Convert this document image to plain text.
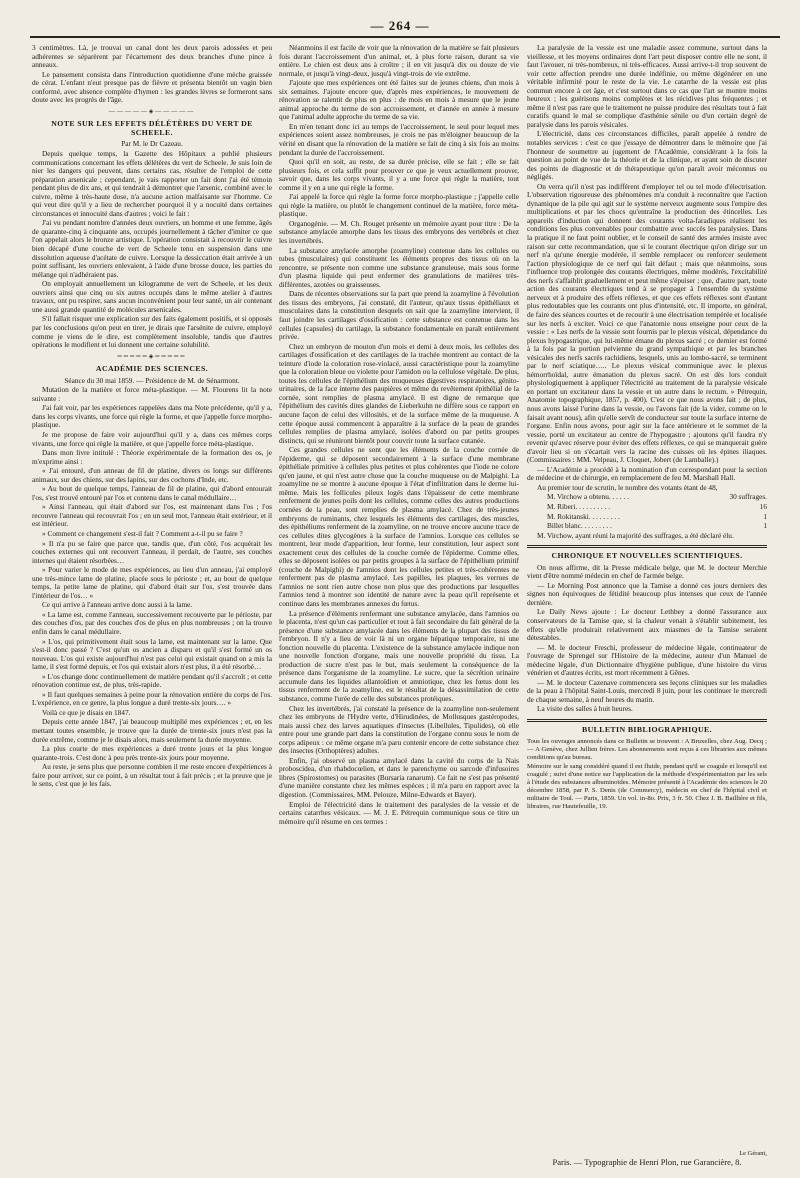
— 264 —

3 centimètres. Là, je trouvai un canal dont les deux parois adossées et peu adhérentes se séparèrent par l'écartement des deux branches d'une pince à anneaux.

Le pansement consista dans l'introduction quotidienne d'une mèche graissée de cérat. L'enfant n'eut presque pas de fièvre et présenta bientôt un vagin bien conformé, avec absence complète d'hymen : les grandes lèvres se formeront sans doute avec les progrès de l'âge.

—————◈—————
NOTE SUR LES EFFETS DÉLÉTÈRES DU VERT DE SCHEELE.

Par M. le Dr Cazeau.

Depuis quelque temps, la Gazette des Hôpitaux a publié plusieurs communications concernant les effets délétères du vert de Scheele. Je suis loin de nier les dangers qui peuvent, dans certains cas, résulter de l'emploi de cette préparation arsenicale ; cependant, je vais rapporter un fait dont j'ai été témoin pendant plus de dix ans, et qui tendrait à démontrer que l'arsenic, combiné avec le cuivre, même à très-haute dose, n'a aucune action malfaisante sur l'homme. Ce qui veut dire qu'il y a lieu de rechercher pourquoi il y a nocuité dans certaines circonstances et innocuité dans d'autres ; voici le fait :

J'ai vu pendant nombre d'années deux ouvriers, un homme et une femme, âgés de quarante-cinq à cinquante ans, occupés journellement à tâcher d'imiter ce que l'on appelait alors le bronze artistique. L'opération consistait à recouvrir le cuivre bien décapé d'une couche de vert de Scheele tenu en suspension dans une dissolution aqueuse d'acétate de cuivre. Lorsque la dessiccation était arrivée à un point suffisant, les ouvriers enlevaient, à l'aide d'une brosse douce, les parties du mélange qui n'adhéraient pas.

On employait annuellement un kilogramme de vert de Scheele, et les deux ouvriers ainsi que cinq ou six autres occupés dans le même atelier à d'autres travaux, ont pu respirer, sans aucun inconvénient pour leur santé, un air contenant une aussi grande quantité de molécules arsenicales.

S'il fallait risquer une explication sur des faits également positifs, et si opposés par les conclusions qu'on peut en tirer, je dirais que l'arsénite de cuivre, employé comme je viens de le dire, est complètement insoluble, tandis que d'autres opérations le modifient et lui donnent une certaine solubilité.

═════◈═════
ACADÉMIE DES SCIENCES.

Séance du 30 mai 1859. — Présidence de M. de Sénarmont.

Mutation de la matière et force méta-plastique. — M. Flourens lit la note suivante :

J'ai fait voir, par les expériences rappelées dans ma Note précédente, qu'il y a, dans les corps vivants, une force qui règle la forme, et que j'appelle force morpho-plastique.

Je me propose de faire voir aujourd'hui qu'il y a, dans ces mêmes corps vivants, une force qui règle la matière, et que j'appelle force méta-plastique.

Dans mon livre intitulé : Théorie expérimentale de la formation des os, je m'exprime ainsi :

« J'ai entouré, d'un anneau de fil de platine, divers os longs sur différents animaux, sur des chiens, sur des lapins, sur des cochons d'Inde, etc.

» Au bout de quelque temps, l'anneau de fil de platine, qui d'abord entourait l'os, s'est trouvé entouré par l'os et contenu dans le canal médullaire…

» Ainsi l'anneau, qui était d'abord sur l'os, est maintenant dans l'os ; l'os recouvre l'anneau qui recouvrait l'os ; en un seul mot, l'anneau était extérieur, et il est intérieur.

» Comment ce changement s'est-il fait ? Comment a-t-il pu se faire ?

» Il n'a pu se faire que parce que, tandis que, d'un côté, l'os acquérait les couches externes qui ont recouvert l'anneau, il perdait, de l'autre, ses couches internes qui étaient résorbées…

» Pour varier le mode de mes expériences, au lieu d'un anneau, j'ai employé une très-mince lame de platine, placée sous le périoste ; et, au bout de quelque temps, la petite lame de platine, qui d'abord était sur l'os, s'est trouvée dans l'intérieur de l'os… »

Ce qui arrive à l'anneau arrive donc aussi à la lame.

« La lame est, comme l'anneau, successivement recouverte par le périoste, par des couches d'os, par des couches d'os de plus en plus nombreuses ; on la trouve enfin dans le canal médullaire.

» L'os, qui primitivement était sous la lame, est maintenant sur la lame. Que s'est-il donc passé ? C'est qu'un os ancien a disparu et qu'il s'est formé un os nouveau. L'os qui existe aujourd'hui n'est pas celui qui existait quand on a mis la lame, il s'est formé depuis, et l'os qui existait alors n'est plus, il a été résorbé…

» L'os change donc continuellement de matière pendant qu'il s'accroît ; et cette rénovation continue est, de plus, très-rapide.

» Il faut quelques semaines à peine pour la rénovation entière du corps de l'os. L'expérience, en ce genre, la plus longue a duré trente-six jours…. »

Voilà ce que je disais en 1847.

Depuis cette année 1847, j'ai beaucoup multiplié mes expériences ; et, en les mettant toutes ensemble, je trouve que la durée de trente-six jours n'est pas la durée extrême, comme je le disais alors, mais seulement la durée moyenne.

La plus courte de mes expériences a duré trente jours et la plus longue quarante-trois. C'est donc à peu près trente-six jours pour moyenne.

Au reste, je sens plus que personne combien il me reste encore d'expériences à faire pour arriver, sur ce point, à un résultat tout à fait précis ; et la preuve que je le sens, c'est que je les fais.

Néanmoins il est facile de voir que la rénovation de la matière se fait plusieurs fois durant l'accroissement d'un animal, et, à plus forte raison, durant sa vie entière. Le chien est deux ans à croître ; il en vit jusqu'à dix ou douze de vie normale, et jusqu'à vingt-deux, jusqu'à vingt-trois de vie extrême.

J'ajoute que mes expériences ont été faites sur de jeunes chiens, d'un mois à six semaines. J'ajoute encore que, d'après mes expériences, le mouvement de rénovation se ralentit de plus en plus : de mois en mois à mesure que le jeune animal approche du terme de son accroissement, et d'année en année à mesure que l'animal adulte approche du terme de sa vie.

En m'en tenant donc ici au temps de l'accroissement, le seul pour lequel mes expériences soient assez nombreuses, je crois ne pas m'éloigner beaucoup de la vérité en disant que la rénovation de la matière se fait de cinq à six fois au moins pendant la durée de l'accroissement.

Quoi qu'il en soit, au reste, de sa durée précise, elle se fait ; elle se fait plusieurs fois, et cela suffit pour prouver ce que je veux actuellement prouver, savoir que, dans les corps vivants, il y a une force qui règle la matière, tout comme il y en a une qui règle la forme.

J'ai appelé la force qui règle la forme force morpho-plastique ; j'appelle celle qui règle la matière, ou plutôt le changement continuel de la matière, force méta-plastique.

Organogénie. — M. Ch. Rouget présente un mémoire ayant pour titre : De la substance amylacée amorphe dans les tissus des embryons des vertébrés et chez les invertébrés.

La substance amylacée amorphe (zoamyline) contenue dans les cellules ou tubes (musculaires) qui constituent les éléments propres des tissus où on la rencontre, se présente non comme une substance granuleuse, mais sous forme d'un plasma liquide qui peut enfermer des granulations de matières très-différentes, azotées ou graisseuses.

Dans de récentes observations sur la part que prend la zoamyline à l'évolution des tissus des embryons, j'ai constaté, dit l'auteur, qu'aux tissus épithéliaux et musculaires dans la constitution desquels on sait que la zoamyline intervient, il faut joindre les cartilages d'ossification : cette substance est contenue dans les cellules (capsules) du cartilage, la substance fondamentale en paraît entièrement privée.

Chez un embryon de mouton d'un mois et demi à deux mois, les cellules des cartilages d'ossification et des cartilages de la trachée montrent au contact de la teinture d'iode la coloration rose-violacé, aussi caractéristique pour la zoamyline que la coloration bleue ou violette pour l'amidon ou la cellulose végétale. De plus, toutes les cellules de l'épithélium des muqueuses digestives respiratoires, génito-urinaires, de la face interne des paupières et même du revêtement épithélial de la cornée, sont remplies de plasma amylacé. Il est digne de remarque que l'épithélium des cavités dites glandes de Lieberkuhn ne diffère sous ce rapport en aucune façon de celui des villosités, et de la surface même de la muqueuse. A cette époque aussi commencent à apparaître à la surface de la peau de grandes cellules remplies de plasma amylacé, isolées d'abord ou par petits groupes distincts, qui se réuniront bientôt pour couvrir toute la surface cutanée.

Ces grandes cellules ne sont que les éléments de la couche cornée de l'épiderme, qui se déposent secondairement à la surface d'une membrane épithéliale primitive à cellules plus petites et plus cohérentes que l'iode ne colore qu'en jaune, et qui n'est autre chose que la couche muqueuse ou de Malpighi. La zoamyline ne se montre à aucune époque à l'état d'infiltration dans le derme lui-même. Mais les follicules pileux logés dans l'épaisseur de cette membrane renferment de jeunes poils dont les cellules, comme celles des autres productions cornées de la peau, sont remplies de plasma amylacé. Chez de très-jeunes embryons de ruminants, chez lesquels les éléments des cartilages, des muscles, des épithéliums renferment de la zoamyline, on ne trouve encore aucune trace de ces cellules dites glycogènes à la surface de l'amnios. Lorsque ces cellules se montrent, leur mode d'apparition, leur forme, leur constitution, leur aspect sont exactement ceux des cellules de la couche cornée de l'épiderme. Comme elles, elles se déposent isolées ou par petits groupes à la surface de l'épithélium primitif (couche de Malpighi) de l'amnios dont les cellules petites et très-cohérentes ne renferment pas de plasma amylacé. Les papilles, les plaques, les verrues de l'amnios ne sont rien autre chose non plus que des productions par lesquelles l'amnios tend à montrer son identité de nature avec la peau qu'il représente et continue dans les membranes annexes du fœtus.

La présence d'éléments renfermant une substance amylacée, dans l'amnios ou le placenta, n'est qu'un cas particulier et tout à fait secondaire du fait général de la présence d'une substance amylacée dans les éléments de la plupart des tissus de l'embryon. Il n'y a lieu de voir là ni un organe hépatique temporaire, ni une fonction nouvelle du placenta. L'existence de la substance amylacée indique non une nouvelle fonction d'organe, mais une nouvelle propriété du tissu. La production de sucre n'est pas le but, mais seulement la conséquence de la présence dans l'organisme de la zoamyline. Le sucre, que la sécrétion urinaire accumule dans les liquides allantoïdien et amniotique, chez les fœtus dont les tissus renferment de la zoamyline, est le résultat de la désassimilation de cette substance, comme l'urée de celle des substances protéiques.

Chez les invertébrés, j'ai constaté la présence de la zoamyline non-seulement chez les embryons de l'Hydre verte, d'Hirudinées, de Mollusques gastéropodes, mais aussi chez des larves aquatiques d'insectes (Libellules, Tipulides), où elle entre pour une grande part dans la constitution de l'organe connu sous le nom de corps adipeux : ce même organe m'a paru contenir encore de cette substance chez des insectes (Orthoptères) adultes.

Enfin, j'ai observé un plasma amylacé dans la cavité du corps de la Nais proboscidea, d'un rhabdocœlien, et dans le parenchyme ou sarcode d'infusoires libres (Spirostomes) ou parasites (Bursaria ranarum). Ce fait ne s'est pas présenté d'une manière constante chez les mêmes espèces ; il m'a paru en rapport avec la digestion. (Commissaires, MM. Pelouze, Milne-Edwards et Bayer).

Emploi de l'électricité dans le traitement des paralysies de la vessie et de certains catarrhes vésicaux. — M. J. E. Pétrequin communique sous ce titre un mémoire qu'il résume en ces termes :

La paralysie de la vessie est une maladie assez commune, surtout dans la vieillesse, et les moyens ordinaires dont l'art peut disposer contre elle ne sont, il faut l'avouer, ni très-nombreux, ni très-efficaces. Aussi arrive-t-il trop souvent de voir cette affection prendre une durée indéfinie, ou même dégénérer en une véritable infirmité pour le reste de la vie. Le catarrhe de la vessie est plus commun encore à cet âge, et c'est surtout dans ce cas que l'art se montre moins heureux ; les guérisons moins complètes et les récidives plus fréquentes ; et même il n'est pas rare que le traitement ne puisse produire des résultats tout à fait curatifs quand le mal se complique d'asthénie sénile ou d'un certain degré de paralysie dans les parois vésicales.

L'électricité, dans ces circonstances difficiles, paraît appelée à rendre de notables services : c'est ce que j'essaye de démontrer dans le mémoire que j'ai l'honneur de soumettre au jugement de l'Académie, considérant à la fois la question au point de vue de la théorie et de la clinique, et ayant soin de discuter des points de diagnostic et de thérapeutique qu'on paraît avoir méconnus ou négligés.

On verra qu'il n'est pas indifférent d'employer tel ou tel mode d'électrisation. L'observation rigoureuse des phénomènes m'a conduit à reconnaître que l'action dynamique de la pile qui agit sur le système nerveux augmente sous l'empire des multiplications et par les chocs qu'entraîne la production des étincelles. Les appareils d'induction qui donnent des courants volta-faradiques réalisent les conditions les plus convenables pour combattre avec succès les paralysies. Dans la pratique il ne faut point oublier, et le conseil de santé des armées insiste avec raison sur cette recommandation, que si le courant électrique qu'on dirige sur un nerf n'a qu'une énergie modérée, il semble remplacer ou renforcer seulement l'action physiologique de ce nerf qui fait défaut ; mais que néanmoins, sous l'influence trop prolongée des courants électriques, même modérés, l'excitabilité des nerfs s'affaiblit graduellement et peut même s'épuiser ; que, d'autre part, toute action des courants électriques tend à se propager à l'ensemble du système nerveux et à produire des effets réflexes, et que ces effets réflexes sont d'autant plus redoutables que les courants ont plus d'intensité, etc. Il importe, en général, de faire des séances courtes et de recourir à une électrisation tempérée et localisée sur les nerfs à exciter. Voici ce que l'anatomie nous enseigne pour ceux de la vessie : « Les nerfs de la vessie sont fournis par le plexus vésical, dépendance du plexus hypogastrique, qui lui-même émane du plexus sacré ; ce dernier est formé à la fois par la portion pelvienne du grand sympathique et par les branches vésicales des nerfs sacrés rachidiens, lesquels, unis au lombo-sacré, se terminent par le nerf sciatique….. Le plexus vésical communique avec le plexus hémorrhoïdal, autre émanation du plexus sacré. On est dès lors conduit physiologiquement à appliquer l'électricité au traitement de la paralysie vésicale en portant un excitateur dans la vessie et un autre dans le rectum. » Pétrequin, Anatomie topographique, 1857, p. 400). C'est ce que nous avons fait ; de plus, nous avons laissé l'urine dans la vessie, ou l'avons fait (de la vider, comme on le faisait avant nous), afin qu'elle servît de conducteur sur toute la surface interne de l'organe. Enfin nous avons, pour agir sur la face antérieure et le sommet de la vessie, porté un excitateur au centre de l'hypogastre ; ajoutons qu'il faudra n'y revenir qu'avec réserve pour éviter des effets réflexes, ce qui se manquerait guère d'avoir lieu si on s'écartait vers la racine des cuisses où les épines iliaques. (Commissaires : MM. Velpeau, J. Cloquet, Jobert (de Lamballe).)

— L'Académie a procédé à la nomination d'un correspondant pour la section de médecine et de chirurgie, en remplacement de feu M. Marshall Hall.

Au premier tour de scrutin, le nombre des votants étant de 48,

M. Virchow a obtenu. . . . . .	30 suffrages.

M. Riberi. . . . . . . . . .	16

M. Rokitanski. . . . . . . . .	1

Billet blanc. . . . . . . . .	1

M. Virchow, ayant réuni la majorité des suffrages, a été déclaré élu.

CHRONIQUE ET NOUVELLES SCIENTIFIQUES.

On nous affirme, dit la Presse médicale belge, que M. le docteur Merchie vient d'être nommé médecin en chef de l'armée belge.

— Le Morning Post annonce que la Tamise a donné ces jours derniers des signes non équivoques de fétidité beaucoup plus intenses que ceux de l'année dernière.

Le Daily News ajoute : Le docteur Lethbey a donné l'assurance aux conservateurs de la Tamise que, si la chaleur venait à s'établir subitement, les effets qu'elle produirait relativement aux miasmes de la Tamise seraient détestables.

— M. le docteur Freschi, professeur de médecine légale, continuateur de l'ouvrage de Sprengel sur l'Histoire de la médecine, auteur d'un Manuel de médecine légale, d'un Dictionnaire d'hygiène publique, d'une histoire du virus vénérien et d'autres écrits, est mort récemment à Gênes.

— M. le docteur Cazenave commencera ses leçons cliniques sur les maladies de la peau à l'hôpital Saint-Louis, mercredi 8 juin, pour les continuer le mercredi de chaque semaine, à neuf heures du matin.

La visite des salles à huit heures.

BULLETIN BIBLIOGRAPHIQUE.

Tous les ouvrages annoncés dans ce Bulletin se trouvent : A Bruxelles, chez Aug. Decq ; — A Genève, chez Jullien frères. Les abonnements sont reçus à ces librairies aux mêmes conditions qu'au bureau.

Mémoire sur le sang considéré quand il est fluide, pendant qu'il se coagule et lorsqu'il est coagulé ; suivi d'une notice sur l'application de la méthode d'expérimentation par les sels à l'étude des substances albuminoïdes. Mémoire présenté à l'Académie des sciences le 20 décembre 1858, par P. S. Denis (de Commercy), médecin en chef de l'hôpital civil et militaire de Toul. — Paris, 1859. Un vol. in-8o. Prix, 3 fr. 50. Chez J. B. Baillière et fils, libraires, rue Hautefeuille, 19.

Le Gérant,
Paris. — Typographie de Henri Plon, rue Garancière, 8.
